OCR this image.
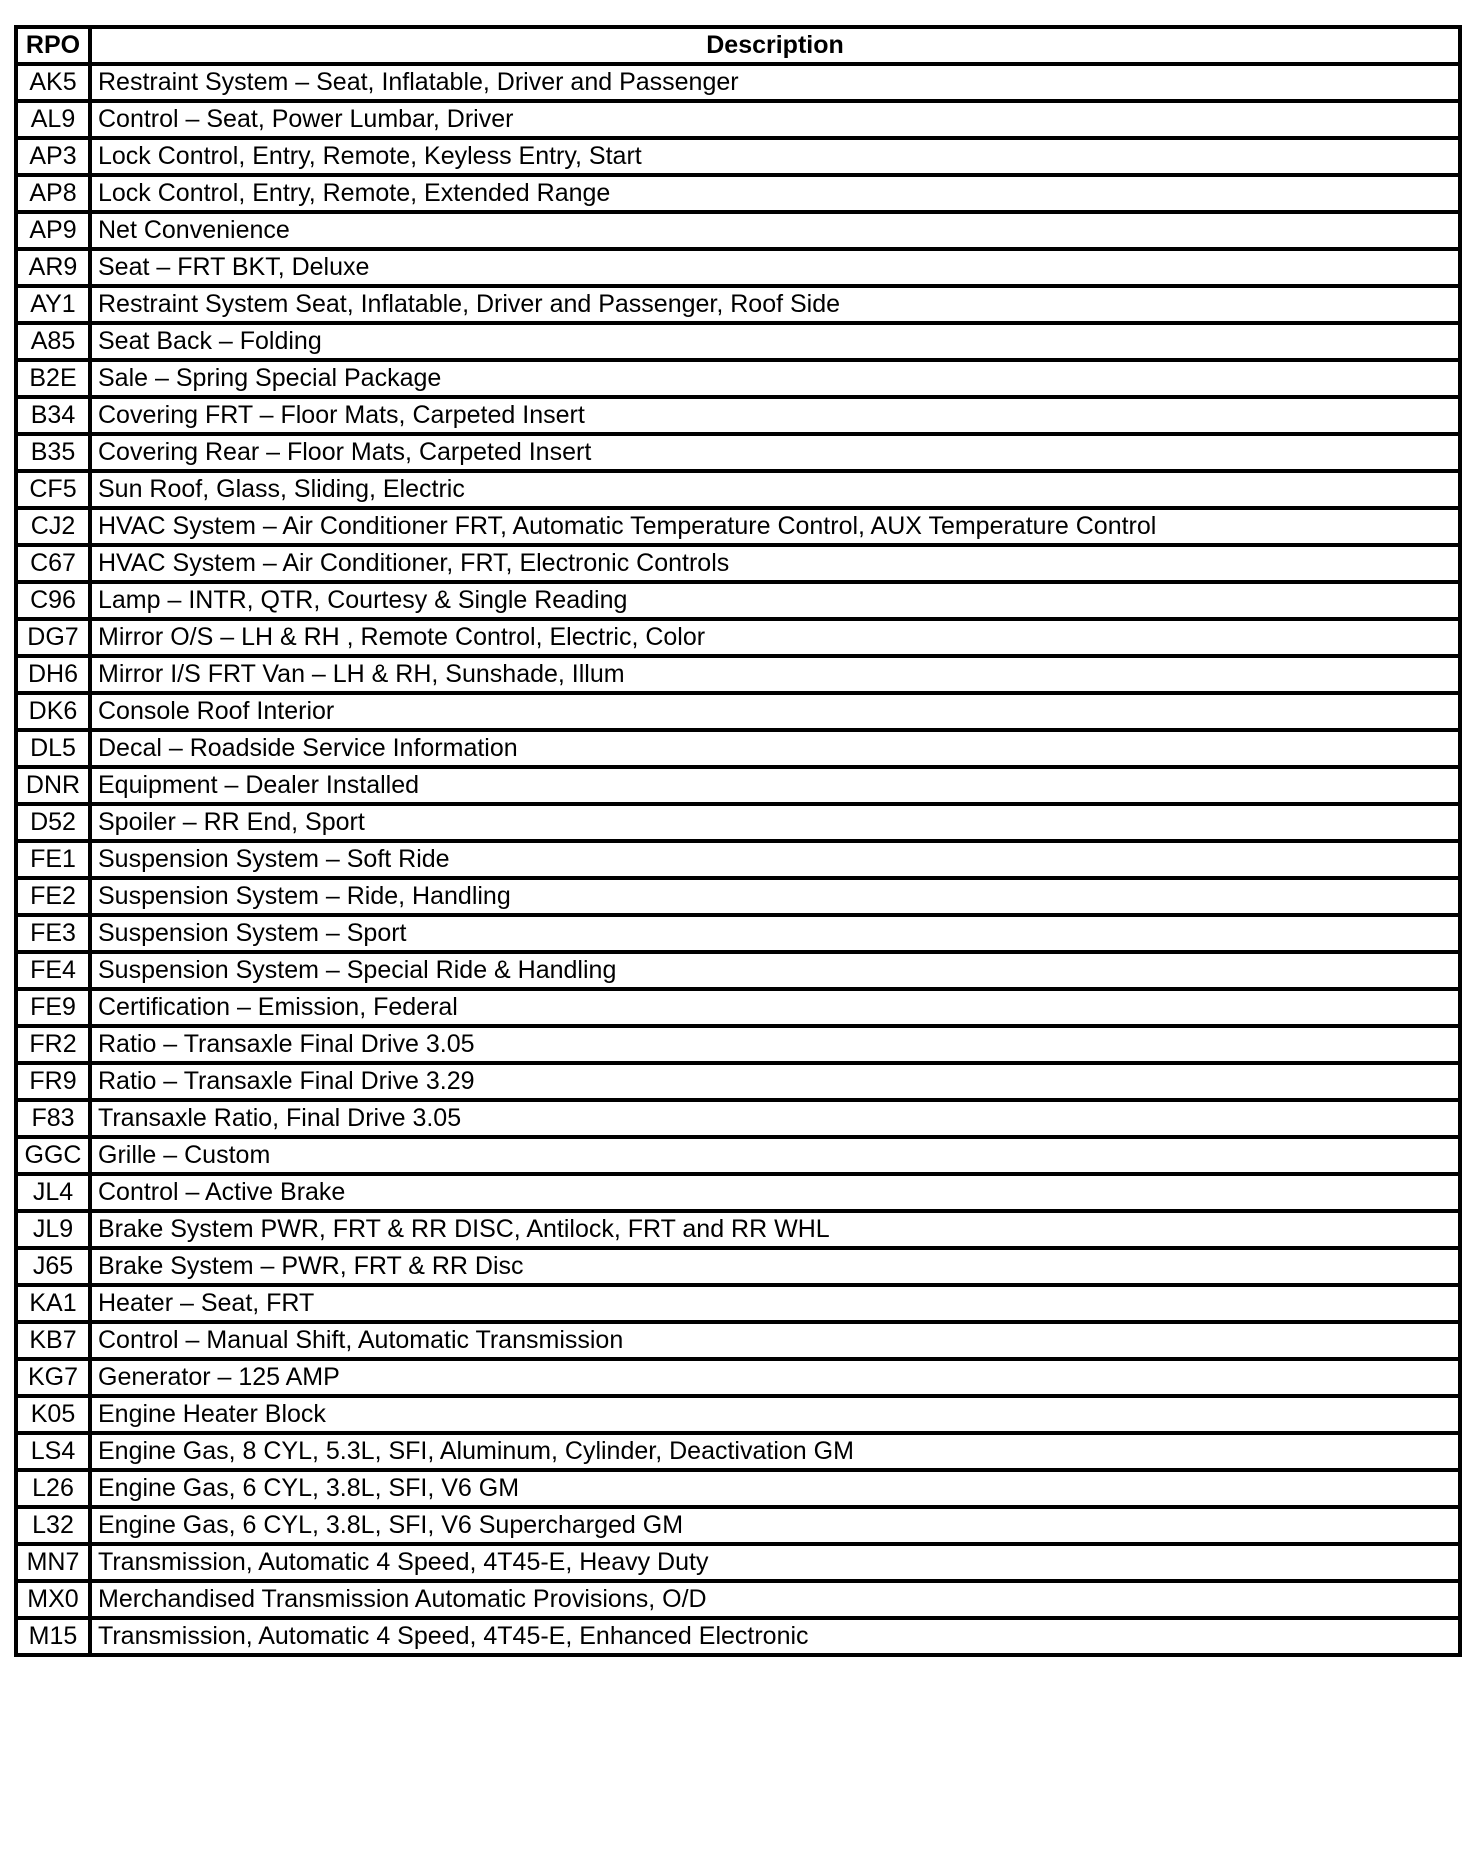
RPO	Description
AK5	Restraint System – Seat, Inflatable, Driver and Passenger
AL9	Control – Seat, Power Lumbar, Driver
AP3	Lock Control, Entry, Remote, Keyless Entry, Start
AP8	Lock Control, Entry, Remote, Extended Range
AP9	Net Convenience
AR9	Seat – FRT BKT, Deluxe
AY1	Restraint System Seat, Inflatable, Driver and Passenger, Roof Side
A85	Seat Back – Folding
B2E	Sale – Spring Special Package
B34	Covering FRT – Floor Mats, Carpeted Insert
B35	Covering Rear – Floor Mats, Carpeted Insert
CF5	Sun Roof, Glass, Sliding, Electric
CJ2	HVAC System – Air Conditioner FRT, Automatic Temperature Control, AUX Temperature Control
C67	HVAC System – Air Conditioner, FRT, Electronic Controls
C96	Lamp – INTR, QTR, Courtesy & Single Reading
DG7	Mirror O/S – LH & RH , Remote Control, Electric, Color
DH6	Mirror I/S FRT Van – LH & RH, Sunshade, Illum
DK6	Console Roof Interior
DL5	Decal – Roadside Service Information
DNR	Equipment – Dealer Installed
D52	Spoiler – RR End, Sport
FE1	Suspension System – Soft Ride
FE2	Suspension System – Ride, Handling
FE3	Suspension System – Sport
FE4	Suspension System – Special Ride & Handling
FE9	Certification – Emission, Federal
FR2	Ratio – Transaxle Final Drive 3.05
FR9	Ratio – Transaxle Final Drive 3.29
F83	Transaxle Ratio, Final Drive 3.05
GGC	Grille – Custom
JL4	Control – Active Brake
JL9	Brake System PWR, FRT & RR DISC, Antilock, FRT and RR WHL
J65	Brake System – PWR, FRT & RR Disc
KA1	Heater – Seat, FRT
KB7	Control – Manual Shift, Automatic Transmission
KG7	Generator – 125 AMP
K05	Engine Heater Block
LS4	Engine Gas, 8 CYL, 5.3L, SFI, Aluminum, Cylinder, Deactivation GM
L26	Engine Gas, 6 CYL, 3.8L, SFI, V6 GM
L32	Engine Gas, 6 CYL, 3.8L, SFI, V6 Supercharged GM
MN7	Transmission, Automatic 4 Speed, 4T45-E, Heavy Duty
MX0	Merchandised Transmission Automatic Provisions, O/D
M15	Transmission, Automatic 4 Speed, 4T45-E, Enhanced Electronic
